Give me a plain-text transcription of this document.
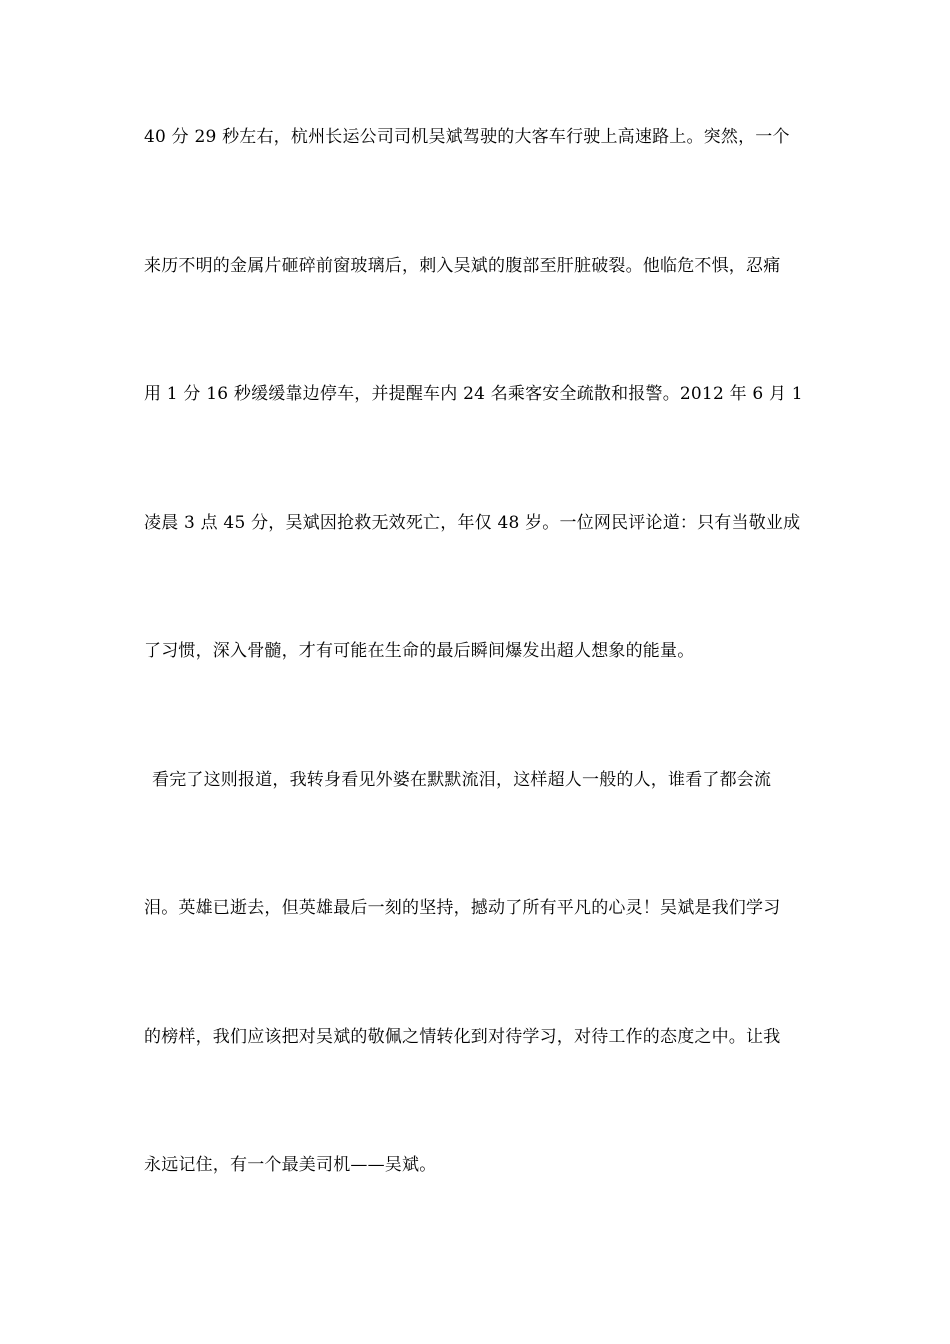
40 分 29 秒左右，杭州长运公司司机吴斌驾驶的大客车行驶上高速路上。突然，一个
来历不明的金属片砸碎前窗玻璃后，刺入吴斌的腹部至肝脏破裂。他临危不惧，忍痛
用 1 分 16 秒缓缓靠边停车，并提醒车内 24 名乘客安全疏散和报警。2012 年 6 月 1
凌晨 3 点 45 分，吴斌因抢救无效死亡，年仅 48 岁。一位网民评论道：只有当敬业成
了习惯，深入骨髓，才有可能在生命的最后瞬间爆发出超人想象的能量。
看完了这则报道，我转身看见外婆在默默流泪，这样超人一般的人，谁看了都会流
泪。英雄已逝去，但英雄最后一刻的坚持，撼动了所有平凡的心灵！吴斌是我们学习
的榜样，我们应该把对吴斌的敬佩之情转化到对待学习，对待工作的态度之中。让我
永远记住，有一个最美司机——吴斌。
